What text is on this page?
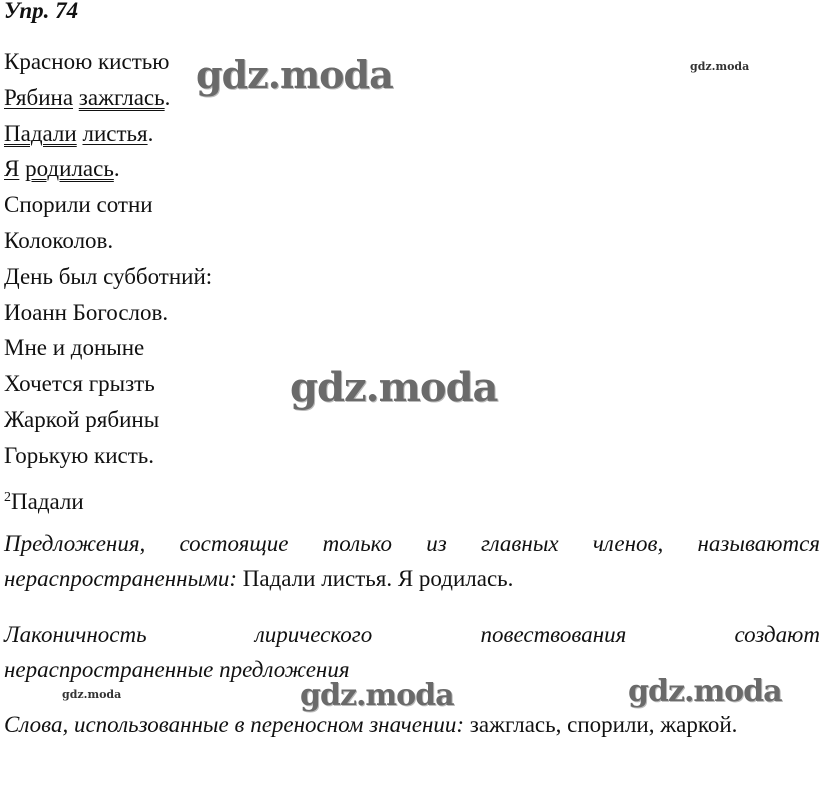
Упр. 74
Красною кистью
Рябина зажглась.
Падали листья.
Я родилась.
Спорили сотни
Колоколов.
День был субботний:
Иоанн Богослов.
Мне и доныне
Хочется грызть
Жаркой рябины
Горькую кисть.
$^2$Падали
Предложения, состоящие только из главных членов, называются нераспространенными: Падали листья. Я родилась.
Лаконичность лирического повествования создают
нераспространенные предложения
Слова, использованные в переносном значении: зажглась, спорили, жаркой.
gdz.moda
gdz.moda
gdz.moda	gdz.moda
gdz.moda
gdz.moda
